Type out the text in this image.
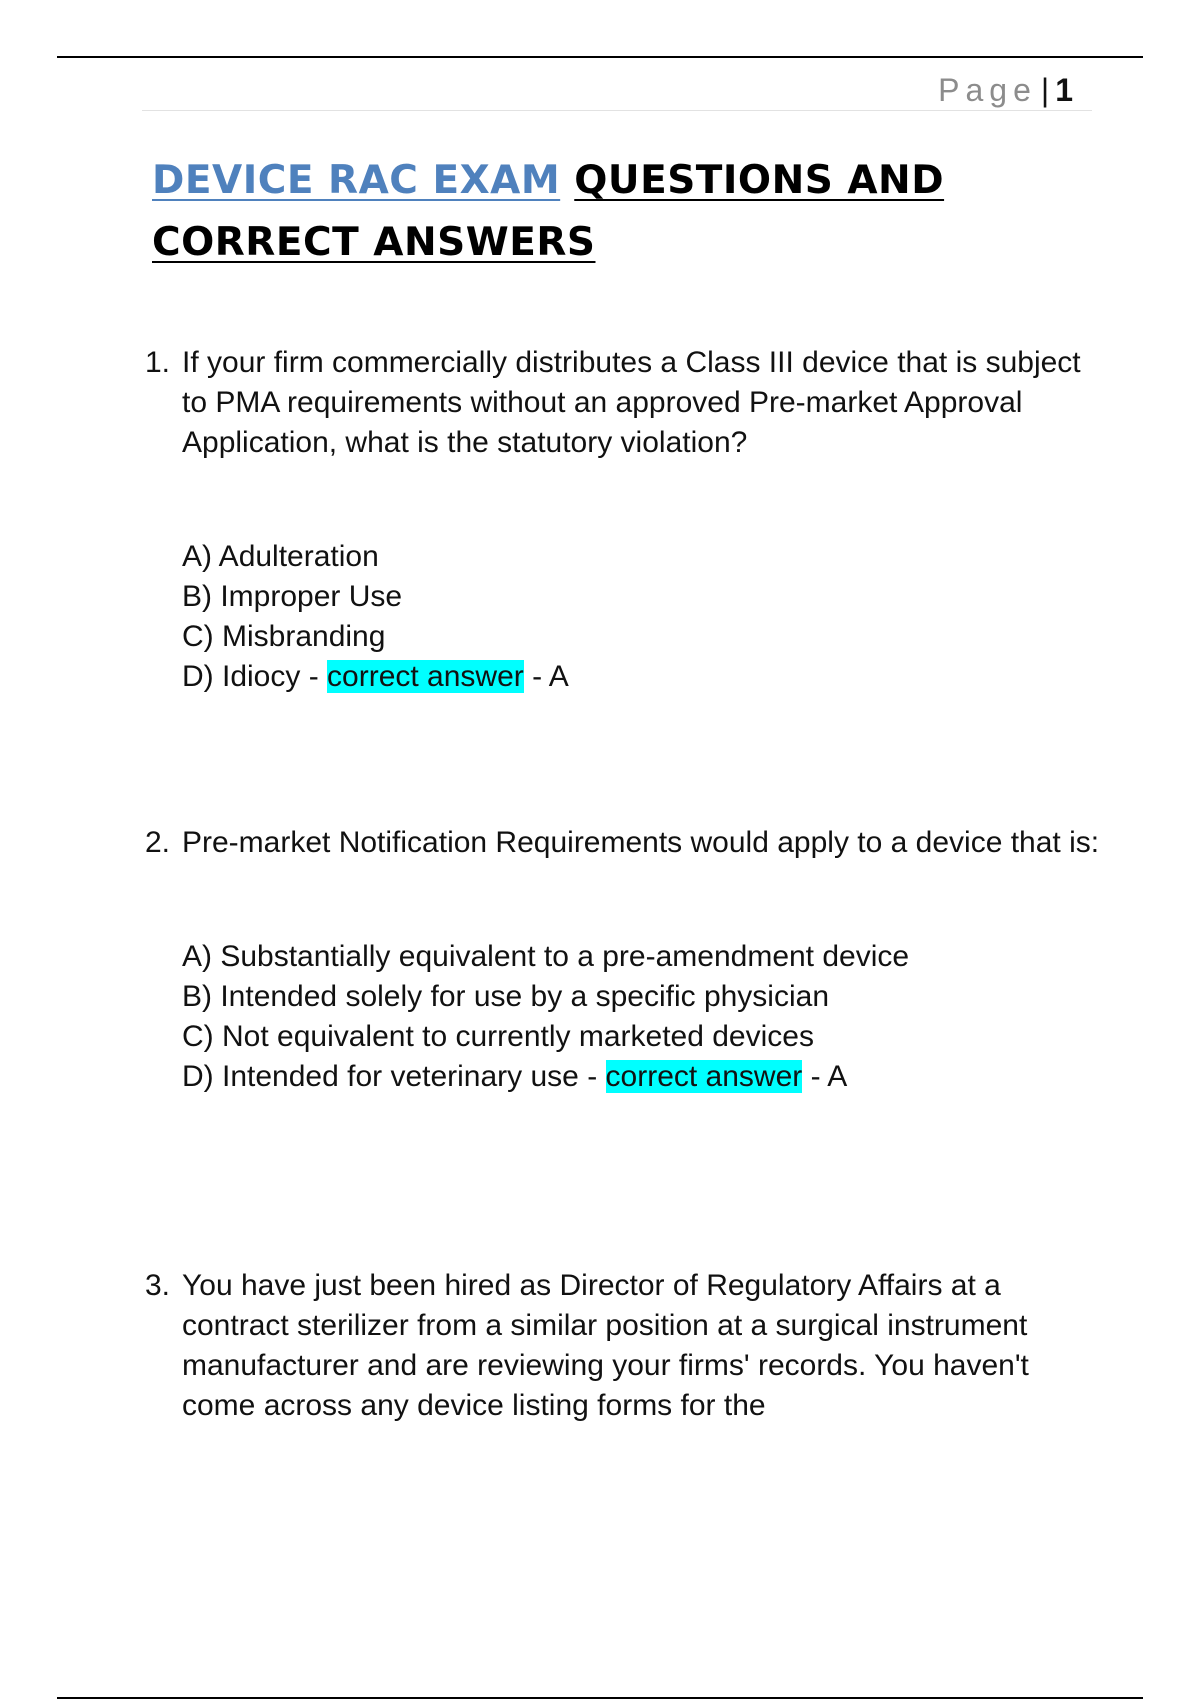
Page | 1
DEVICE RAC EXAM QUESTIONS AND
CORRECT ANSWERS
1. If your firm commercially distributes a Class III device that is subject to PMA requirements without an approved Pre-market Approval Application, what is the statutory violation?
A) Adulteration
B) Improper Use
C) Misbranding
D) Idiocy - correct answer - A
2. Pre-market Notification Requirements would apply to a device that is:
A) Substantially equivalent to a pre-amendment device
B) Intended solely for use by a specific physician
C) Not equivalent to currently marketed devices
D) Intended for veterinary use - correct answer - A
3. You have just been hired as Director of Regulatory Affairs at a contract sterilizer from a similar position at a surgical instrument manufacturer and are reviewing your firms' records. You haven't come across any device listing forms for the
